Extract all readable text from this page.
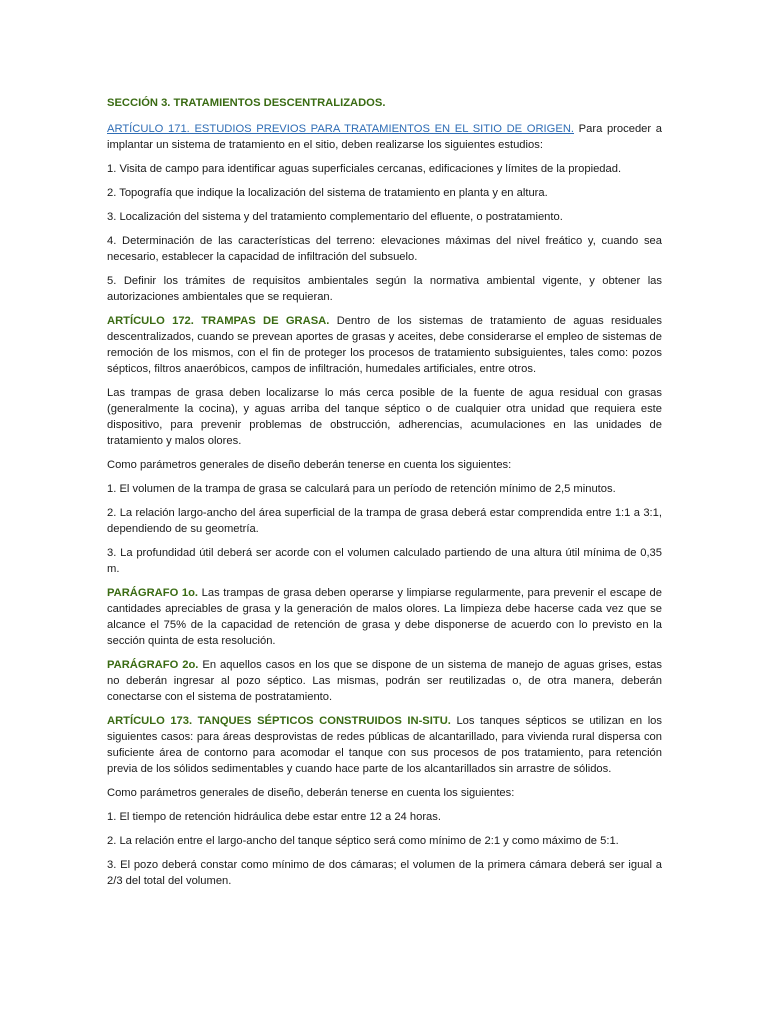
SECCIÓN 3. TRATAMIENTOS DESCENTRALIZADOS.

ARTÍCULO 171. ESTUDIOS PREVIOS PARA TRATAMIENTOS EN EL SITIO DE ORIGEN. Para proceder a implantar un sistema de tratamiento en el sitio, deben realizarse los siguientes estudios:

1. Visita de campo para identificar aguas superficiales cercanas, edificaciones y límites de la propiedad.

2. Topografía que indique la localización del sistema de tratamiento en planta y en altura.

3. Localización del sistema y del tratamiento complementario del efluente, o postratamiento.

4. Determinación de las características del terreno: elevaciones máximas del nivel freático y, cuando sea necesario, establecer la capacidad de infiltración del subsuelo.

5. Definir los trámites de requisitos ambientales según la normativa ambiental vigente, y obtener las autorizaciones ambientales que se requieran.

ARTÍCULO 172. TRAMPAS DE GRASA. Dentro de los sistemas de tratamiento de aguas residuales descentralizados, cuando se prevean aportes de grasas y aceites, debe considerarse el empleo de sistemas de remoción de los mismos, con el fin de proteger los procesos de tratamiento subsiguientes, tales como: pozos sépticos, filtros anaeróbicos, campos de infiltración, humedales artificiales, entre otros.

Las trampas de grasa deben localizarse lo más cerca posible de la fuente de agua residual con grasas (generalmente la cocina), y aguas arriba del tanque séptico o de cualquier otra unidad que requiera este dispositivo, para prevenir problemas de obstrucción, adherencias, acumulaciones en las unidades de tratamiento y malos olores.

Como parámetros generales de diseño deberán tenerse en cuenta los siguientes:

1. El volumen de la trampa de grasa se calculará para un período de retención mínimo de 2,5 minutos.

2. La relación largo-ancho del área superficial de la trampa de grasa deberá estar comprendida entre 1:1 a 3:1, dependiendo de su geometría.

3. La profundidad útil deberá ser acorde con el volumen calculado partiendo de una altura útil mínima de 0,35 m.

PARÁGRAFO 1o. Las trampas de grasa deben operarse y limpiarse regularmente, para prevenir el escape de cantidades apreciables de grasa y la generación de malos olores. La limpieza debe hacerse cada vez que se alcance el 75% de la capacidad de retención de grasa y debe disponerse de acuerdo con lo previsto en la sección quinta de esta resolución.

PARÁGRAFO 2o. En aquellos casos en los que se dispone de un sistema de manejo de aguas grises, estas no deberán ingresar al pozo séptico. Las mismas, podrán ser reutilizadas o, de otra manera, deberán conectarse con el sistema de postratamiento.

ARTÍCULO 173. TANQUES SÉPTICOS CONSTRUIDOS IN-SITU. Los tanques sépticos se utilizan en los siguientes casos: para áreas desprovistas de redes públicas de alcantarillado, para vivienda rural dispersa con suficiente área de contorno para acomodar el tanque con sus procesos de pos tratamiento, para retención previa de los sólidos sedimentables y cuando hace parte de los alcantarillados sin arrastre de sólidos.

Como parámetros generales de diseño, deberán tenerse en cuenta los siguientes:

1. El tiempo de retención hidráulica debe estar entre 12 a 24 horas.

2. La relación entre el largo-ancho del tanque séptico será como mínimo de 2:1 y como máximo de 5:1.

3. El pozo deberá constar como mínimo de dos cámaras; el volumen de la primera cámara deberá ser igual a 2/3 del total del volumen.
